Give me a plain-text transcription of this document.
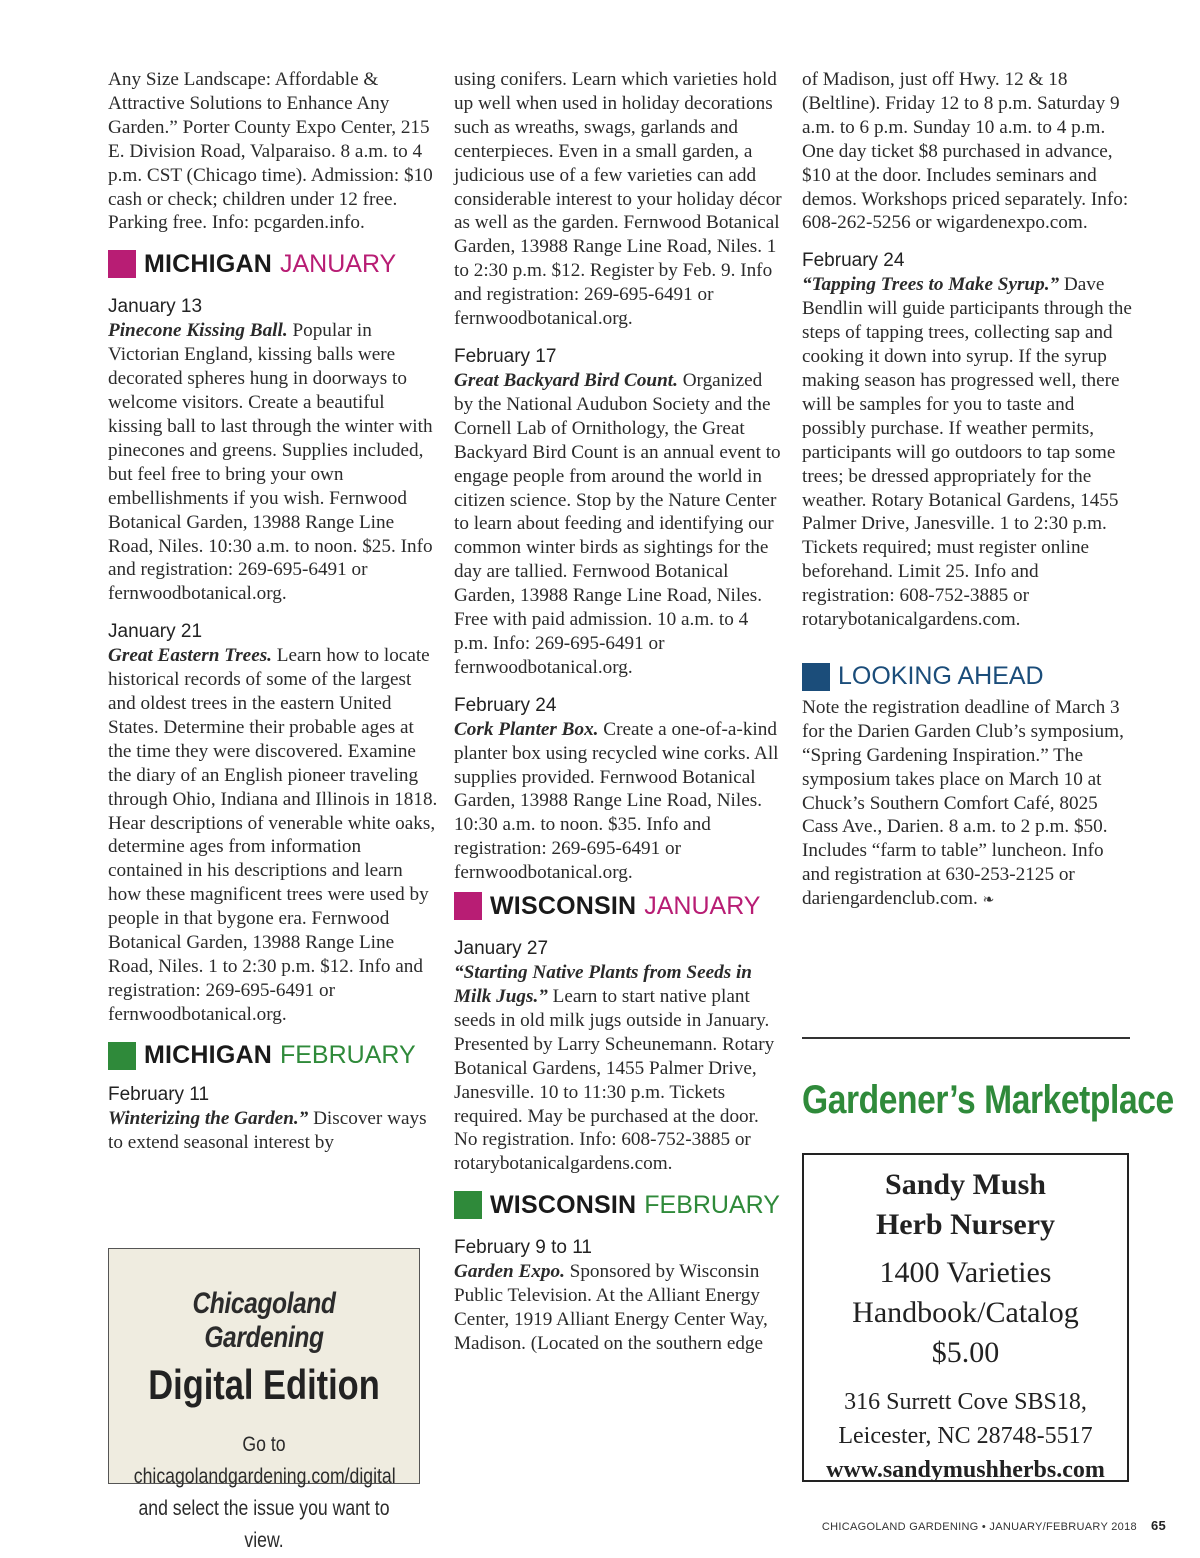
Any Size Landscape: Affordable & Attractive Solutions to Enhance Any Garden.” Porter County Expo Center, 215 E. Division Road, Valparaiso. 8 a.m. to 4 p.m. CST (Chicago time). Admission: $10 cash or check; children under 12 free. Parking free. Info: pcgarden.info.

MICHIGAN JANUARY
January 13

Pinecone Kissing Ball. Popular in Victorian England, kissing balls were decorated spheres hung in doorways to welcome visitors. Create a beautiful kissing ball to last through the winter with pinecones and greens. Supplies included, but feel free to bring your own embellishments if you wish. Fernwood Botanical Garden, 13988 Range Line Road, Niles. 10:30 a.m. to noon. $25. Info and registration: 269-695-6491 or fernwoodbotanical.org.

January 21

Great Eastern Trees. Learn how to locate historical records of some of the largest and oldest trees in the eastern United States. Determine their probable ages at the time they were discovered. Examine the diary of an English pioneer traveling through Ohio, Indiana and Illinois in 1818. Hear descriptions of venerable white oaks, determine ages from information contained in his descriptions and learn how these magnificent trees were used by people in that bygone era. Fernwood Botanical Garden, 13988 Range Line Road, Niles. 1 to 2:30 p.m. $12. Info and registration: 269-695-6491 or fernwoodbotanical.org.

MICHIGAN FEBRUARY
February 11

Winterizing the Garden.” Discover ways to extend seasonal interest by

Chicagoland Gardening
Digital Edition
Go to chicagolandgardening.com/digital
and select the issue you want to view.

using conifers. Learn which varieties hold up well when used in holiday decorations such as wreaths, swags, garlands and centerpieces. Even in a small garden, a judicious use of a few varieties can add considerable interest to your holiday décor as well as the garden. Fernwood Botanical Garden, 13988 Range Line Road, Niles. 1 to 2:30 p.m. $12. Register by Feb. 9. Info and registration: 269-695-6491 or fernwoodbotanical.org.

February 17

Great Backyard Bird Count. Organized by the National Audubon Society and the Cornell Lab of Ornithology, the Great Backyard Bird Count is an annual event to engage people from around the world in citizen science. Stop by the Nature Center to learn about feeding and identifying our common winter birds as sightings for the day are tallied. Fernwood Botanical Garden, 13988 Range Line Road, Niles. Free with paid admission. 10 a.m. to 4 p.m. Info: 269-695-6491 or fernwoodbotanical.org.

February 24

Cork Planter Box. Create a one-of-a-kind planter box using recycled wine corks. All supplies provided. Fernwood Botanical Garden, 13988 Range Line Road, Niles. 10:30 a.m. to noon. $35. Info and registration: 269-695-6491 or fernwoodbotanical.org.

WISCONSIN JANUARY
January 27

“Starting Native Plants from Seeds in Milk Jugs.” Learn to start native plant seeds in old milk jugs outside in January. Presented by Larry Scheunemann. Rotary Botanical Gardens, 1455 Palmer Drive, Janesville. 10 to 11:30 p.m. Tickets required. May be purchased at the door. No registration. Info: 608-752-3885 or rotarybotanicalgardens.com.

WISCONSIN FEBRUARY
February 9 to 11

Garden Expo. Sponsored by Wisconsin Public Television. At the Alliant Energy Center, 1919 Alliant Energy Center Way, Madison. (Located on the southern edge

of Madison, just off Hwy. 12 & 18 (Beltline). Friday 12 to 8 p.m. Saturday 9 a.m. to 6 p.m. Sunday 10 a.m. to 4 p.m. One day ticket $8 purchased in advance, $10 at the door. Includes seminars and demos. Workshops priced separately. Info: 608-262-5256 or wigardenexpo.com.

February 24

“Tapping Trees to Make Syrup.” Dave Bendlin will guide participants through the steps of tapping trees, collecting sap and cooking it down into syrup. If the syrup making season has progressed well, there will be samples for you to taste and possibly purchase. If weather permits, participants will go outdoors to tap some trees; be dressed appropriately for the weather. Rotary Botanical Gardens, 1455 Palmer Drive, Janesville. 1 to 2:30 p.m. Tickets required; must register online beforehand. Limit 25. Info and registration: 608-752-3885 or rotarybotanicalgardens.com.

LOOKING AHEAD

Note the registration deadline of March 3 for the Darien Garden Club’s symposium, “Spring Gardening Inspiration.” The symposium takes place on March 10 at Chuck’s Southern Comfort Café, 8025 Cass Ave., Darien. 8 a.m. to 2 p.m. $50. Includes “farm to table” luncheon. Info and registration at 630-253-2125 or dariengardenclub.com. ❧

Gardener’s Marketplace
Sandy Mush
Herb Nursery
1400 Varieties
Handbook/Catalog
$5.00
316 Surrett Cove SBS18,
Leicester, NC 28748-5517
www.sandymushherbs.com
CHICAGOLAND GARDENING • JANUARY/FEBRUARY 2018 65
